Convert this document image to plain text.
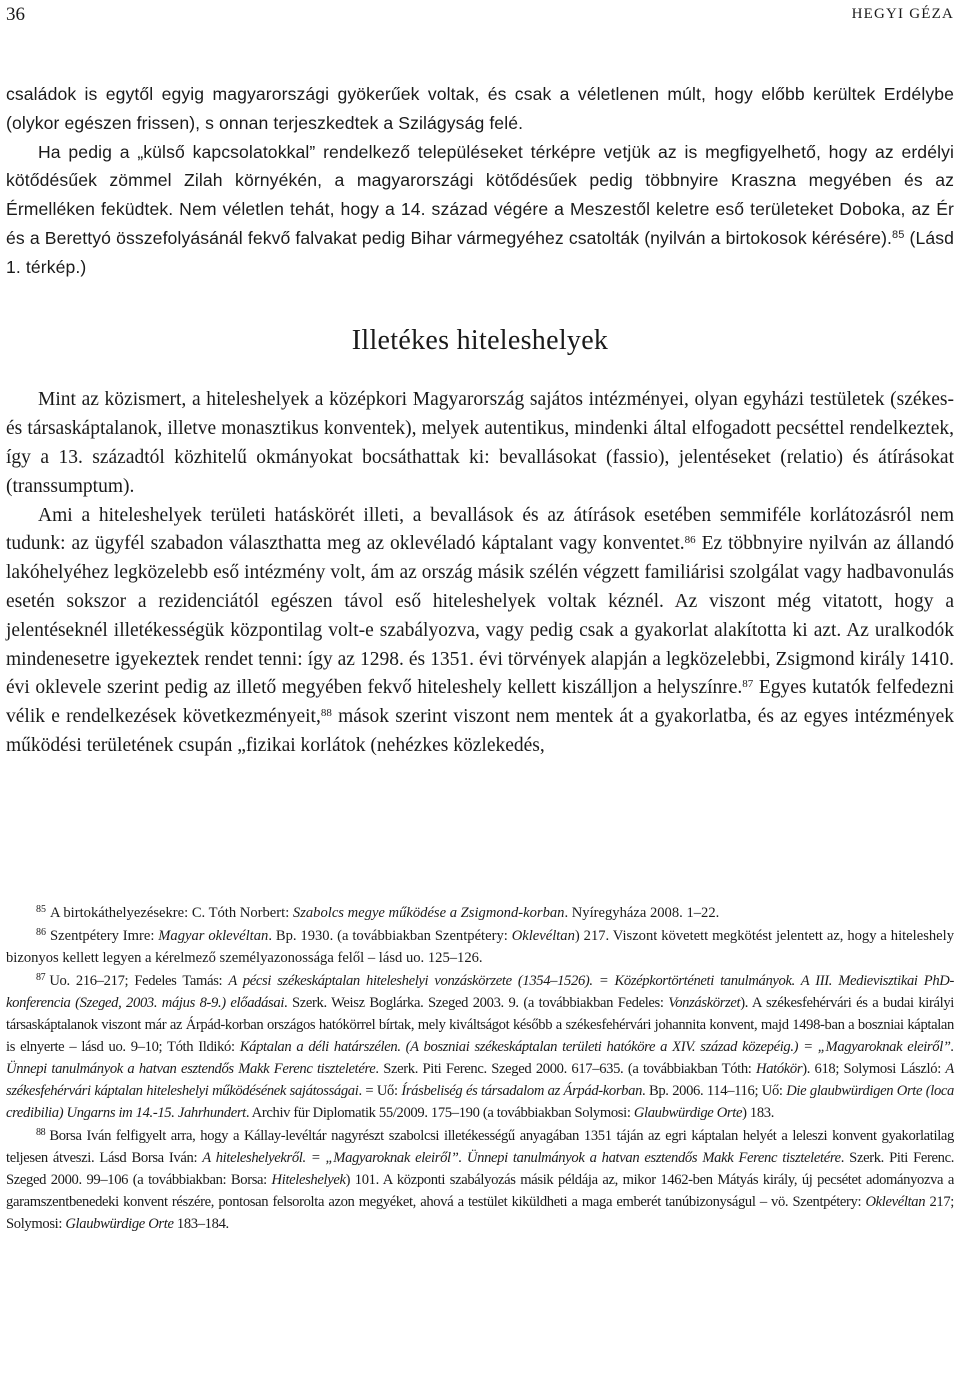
36	HEGYI GÉZA

családok is egytől egyig magyarországi gyökerűek voltak, és csak a véletlenen múlt, hogy előbb kerültek Erdélybe (olykor egészen frissen), s onnan terjeszkedtek a Szilágyság felé.

Ha pedig a „külső kapcsolatokkal” rendelkező településeket térképre vetjük az is megfigyelhető, hogy az erdélyi kötődésűek zömmel Zilah környékén, a magyarországi kötődésűek pedig többnyire Kraszna megyében és az Érmelléken feküdtek. Nem véletlen tehát, hogy a 14. század végére a Meszestől keletre eső területeket Doboka, az Ér és a Berettyó összefolyásánál fekvő falvakat pedig Bihar vármegyéhez csatolták (nyilván a birtokosok kérésére).$^{85}$ (Lásd 1. térkép.)

Illetékes hiteleshelyek

Mint az közismert, a hiteleshelyek a középkori Magyarország sajátos intézményei, olyan egyházi testületek (székes- és társaskáptalanok, illetve monasztikus konventek), melyek autentikus, mindenki által elfogadott pecséttel rendelkeztek, így a 13. századtól közhitelű okmányokat bocsáthattak ki: bevallásokat (fassio), jelentéseket (relatio) és átírásokat (transsumptum).

Ami a hiteleshelyek területi hatáskörét illeti, a bevallások és az átírások esetében semmiféle korlátozásról nem tudunk: az ügyfél szabadon választhatta meg az oklevéladó káptalant vagy konventet.$^{86}$ Ez többnyire nyilván az állandó lakóhelyéhez legközelebb eső intézmény volt, ám az ország másik szélén végzett familiárisi szolgálat vagy hadbavonulás esetén sokszor a rezidenciától egészen távol eső hiteleshelyek voltak kéznél. Az viszont még vitatott, hogy a jelentéseknél illetékességük központilag volt-e szabályozva, vagy pedig csak a gyakorlat alakította ki azt. Az uralkodók mindenesetre igyekeztek rendet tenni: így az 1298. és 1351. évi törvények alapján a legközelebbi, Zsigmond király 1410. évi oklevele szerint pedig az illető megyében fekvő hiteleshely kellett kiszálljon a helyszínre.$^{87}$ Egyes kutatók felfedezni vélik e rendelkezések következményeit,$^{88}$ mások szerint viszont nem mentek át a gyakorlatba, és az egyes intézmények működési területének csupán „fizikai korlátok (nehézkes közlekedés,

$^{85}$ A birtokáthelyezésekre: C. Tóth Norbert: Szabolcs megye működése a Zsigmond-korban. Nyíregyháza 2008. 1–22.

$^{86}$ Szentpétery Imre: Magyar oklevéltan. Bp. 1930. (a továbbiakban Szentpétery: Oklevéltan) 217. Viszont követett megkötést jelentett az, hogy a hiteleshely bizonyos kellett legyen a kérelmező személyazonossága felől – lásd uo. 125–126.

$^{87}$ Uo. 216–217; Fedeles Tamás: A pécsi székeskáptalan hiteleshelyi vonzáskörzete (1354–1526). = Középkortörténeti tanulmányok. A III. Medievisztikai PhD-konferencia (Szeged, 2003. május 8-9.) előadásai. Szerk. Weisz Boglárka. Szeged 2003. 9. (a továbbiakban Fedeles: Vonzáskörzet). A székesfehérvári és a budai királyi társaskáptalanok viszont már az Árpád-korban országos hatókörrel bírtak, mely kiváltságot később a székesfehérvári johannita konvent, majd 1498-ban a boszniai káptalan is elnyerte – lásd uo. 9–10; Tóth Ildikó: Káptalan a déli határszélen. (A boszniai székeskáptalan területi hatóköre a XIV. század közepéig.) = „Magyaroknak eleiről”. Ünnepi tanulmányok a hatvan esztendős Makk Ferenc tiszteletére. Szerk. Piti Ferenc. Szeged 2000. 617–635. (a továbbiakban Tóth: Hatókör). 618; Solymosi László: A székesfehérvári káptalan hiteleshelyi működésének sajátosságai. = Uő: Írásbeliség és társadalom az Árpád-korban. Bp. 2006. 114–116; Uő: Die glaubwürdigen Orte (loca credibilia) Ungarns im 14.-15. Jahrhundert. Archiv für Diplomatik 55/2009. 175–190 (a továbbiakban Solymosi: Glaubwürdige Orte) 183.

$^{88}$ Borsa Iván felfigyelt arra, hogy a Kállay-levéltár nagyrészt szabolcsi illetékességű anyagában 1351 táján az egri káptalan helyét a leleszi konvent gyakorlatilag teljesen átveszi. Lásd Borsa Iván: A hiteleshelyekről. = „Magyaroknak eleiről”. Ünnepi tanulmányok a hatvan esztendős Makk Ferenc tiszteletére. Szerk. Piti Ferenc. Szeged 2000. 99–106 (a továbbiakban: Borsa: Hiteleshelyek) 101. A központi szabályozás másik példája az, mikor 1462-ben Mátyás király, új pecsétet adományozva a garamszentbenedeki konvent részére, pontosan felsorolta azon megyéket, ahová a testület kiküldheti a maga emberét tanúbizonyságul – vö. Szentpétery: Oklevéltan 217; Solymosi: Glaubwürdige Orte 183–184.
